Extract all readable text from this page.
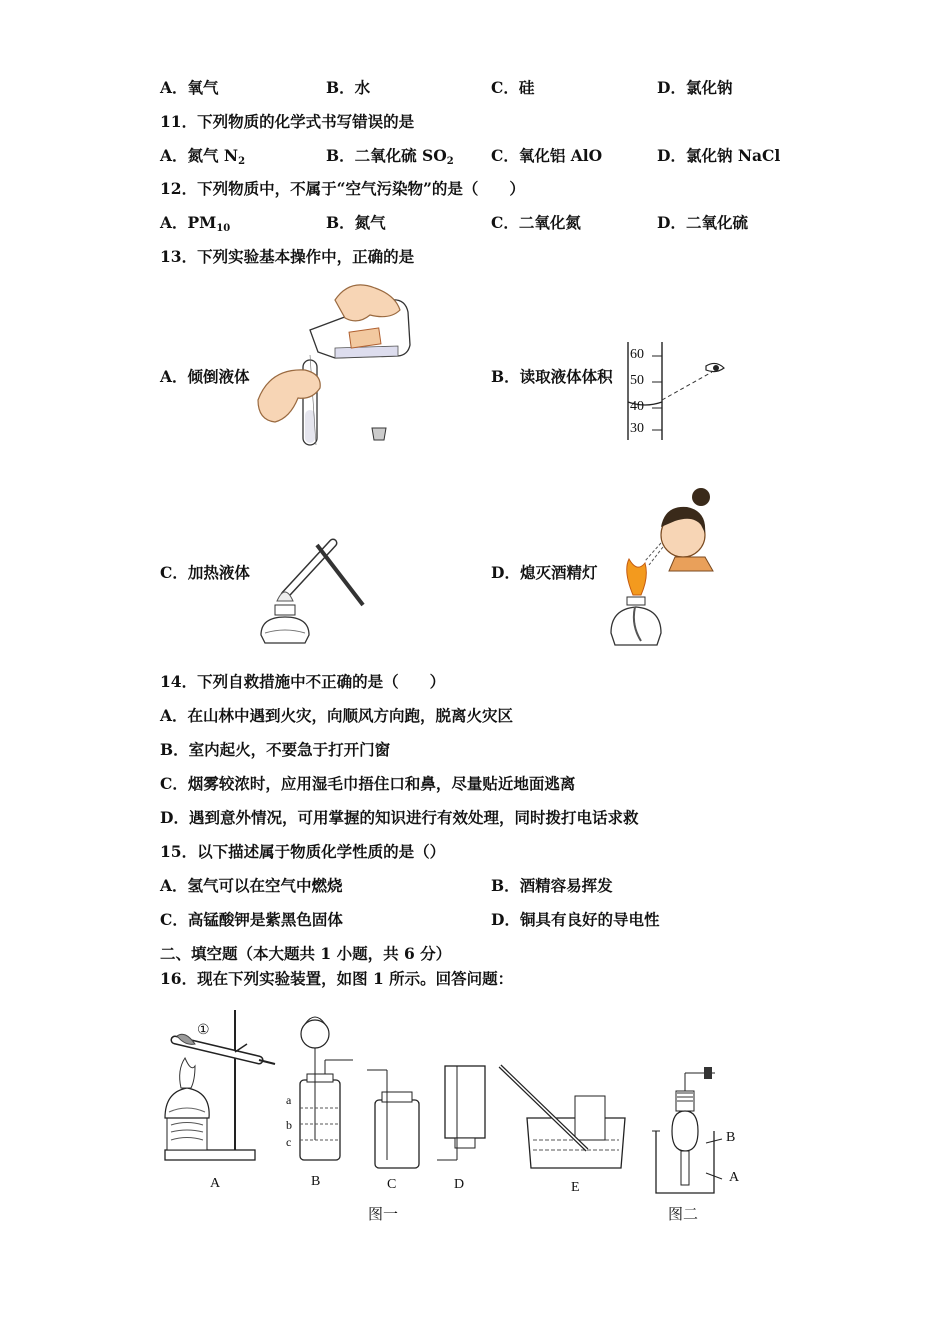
A．氧气	B．水	C．硅	D．氯化钠
11．下列物质的化学式书写错误的是
A．氮气 $N_2$	B．二氧化硫 $SO_2$ C．氧化铝 AlO	D．氯化钠 NaCl
12．下列物质中，不属于“空气污染物”的是（　　）
A．$PM_{10}$	B．氮气	C．二氧化氮	D．二氧化硫
13．下列实验基本操作中，正确的是
A．倾倒液体	B．读取液体体积
C．加热液体	D．熄灭酒精灯
60
50
40
30
14．下列自救措施中不正确的是（　　）
A．在山林中遇到火灾，向顺风方向跑，脱离火灾区
B．室内起火，不要急于打开门窗
C．烟雾较浓时，应用湿毛巾捂住口和鼻，尽量贴近地面逃离
D．遇到意外情况，可用掌握的知识进行有效处理，同时拨打电话求救
15．以下描述属于物质化学性质的是（）
A．氢气可以在空气中燃烧	B．酒精容易挥发
C．高锰酸钾是紫黑色固体	D．铜具有良好的导电性
二、填空题（本大题共 1 小题，共 6 分）
16．现在下列实验装置，如图 1 所示。回答问题：
①
a
b
c
A	B	C	D	E
B
A
图一	图二
